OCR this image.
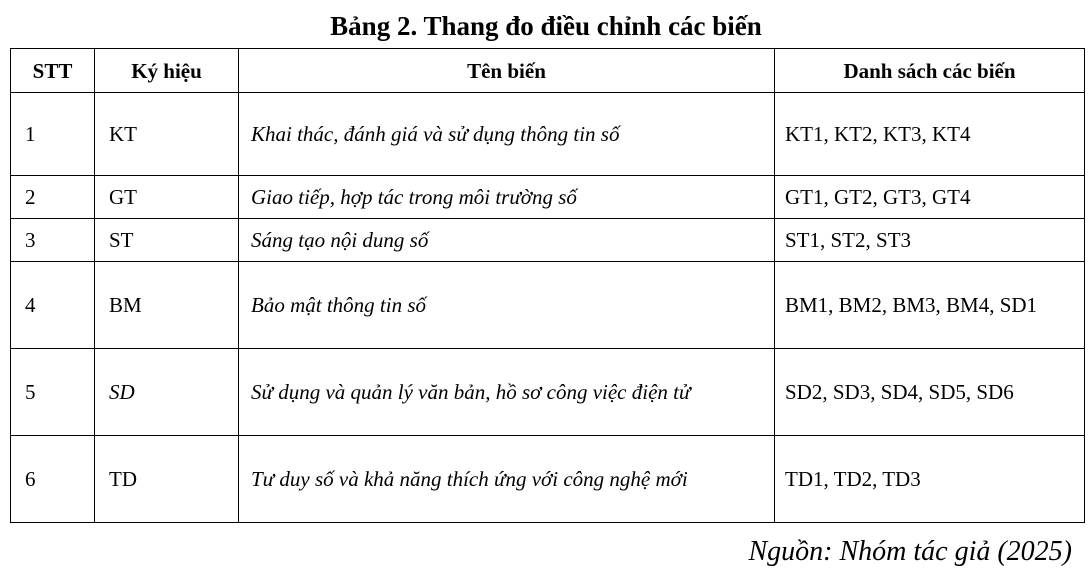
Bảng 2. Thang đo điều chỉnh các biến
STT	Ký hiệu	Tên biến	Danh sách các biến
1	KT	Khai thác, đánh giá và sử dụng thông tin số	KT1, KT2, KT3, KT4
2	GT	Giao tiếp, hợp tác trong môi trường số	GT1, GT2, GT3, GT4
3	ST	Sáng tạo nội dung số	ST1, ST2, ST3
4	BM	Bảo mật thông tin số	BM1, BM2, BM3, BM4, SD1
5	SD	Sử dụng và quản lý văn bản, hồ sơ công việc điện tử	SD2, SD3, SD4, SD5, SD6
6	TD	Tư duy số và khả năng thích ứng với công nghệ mới	TD1, TD2, TD3
Nguồn: Nhóm tác giả (2025)
